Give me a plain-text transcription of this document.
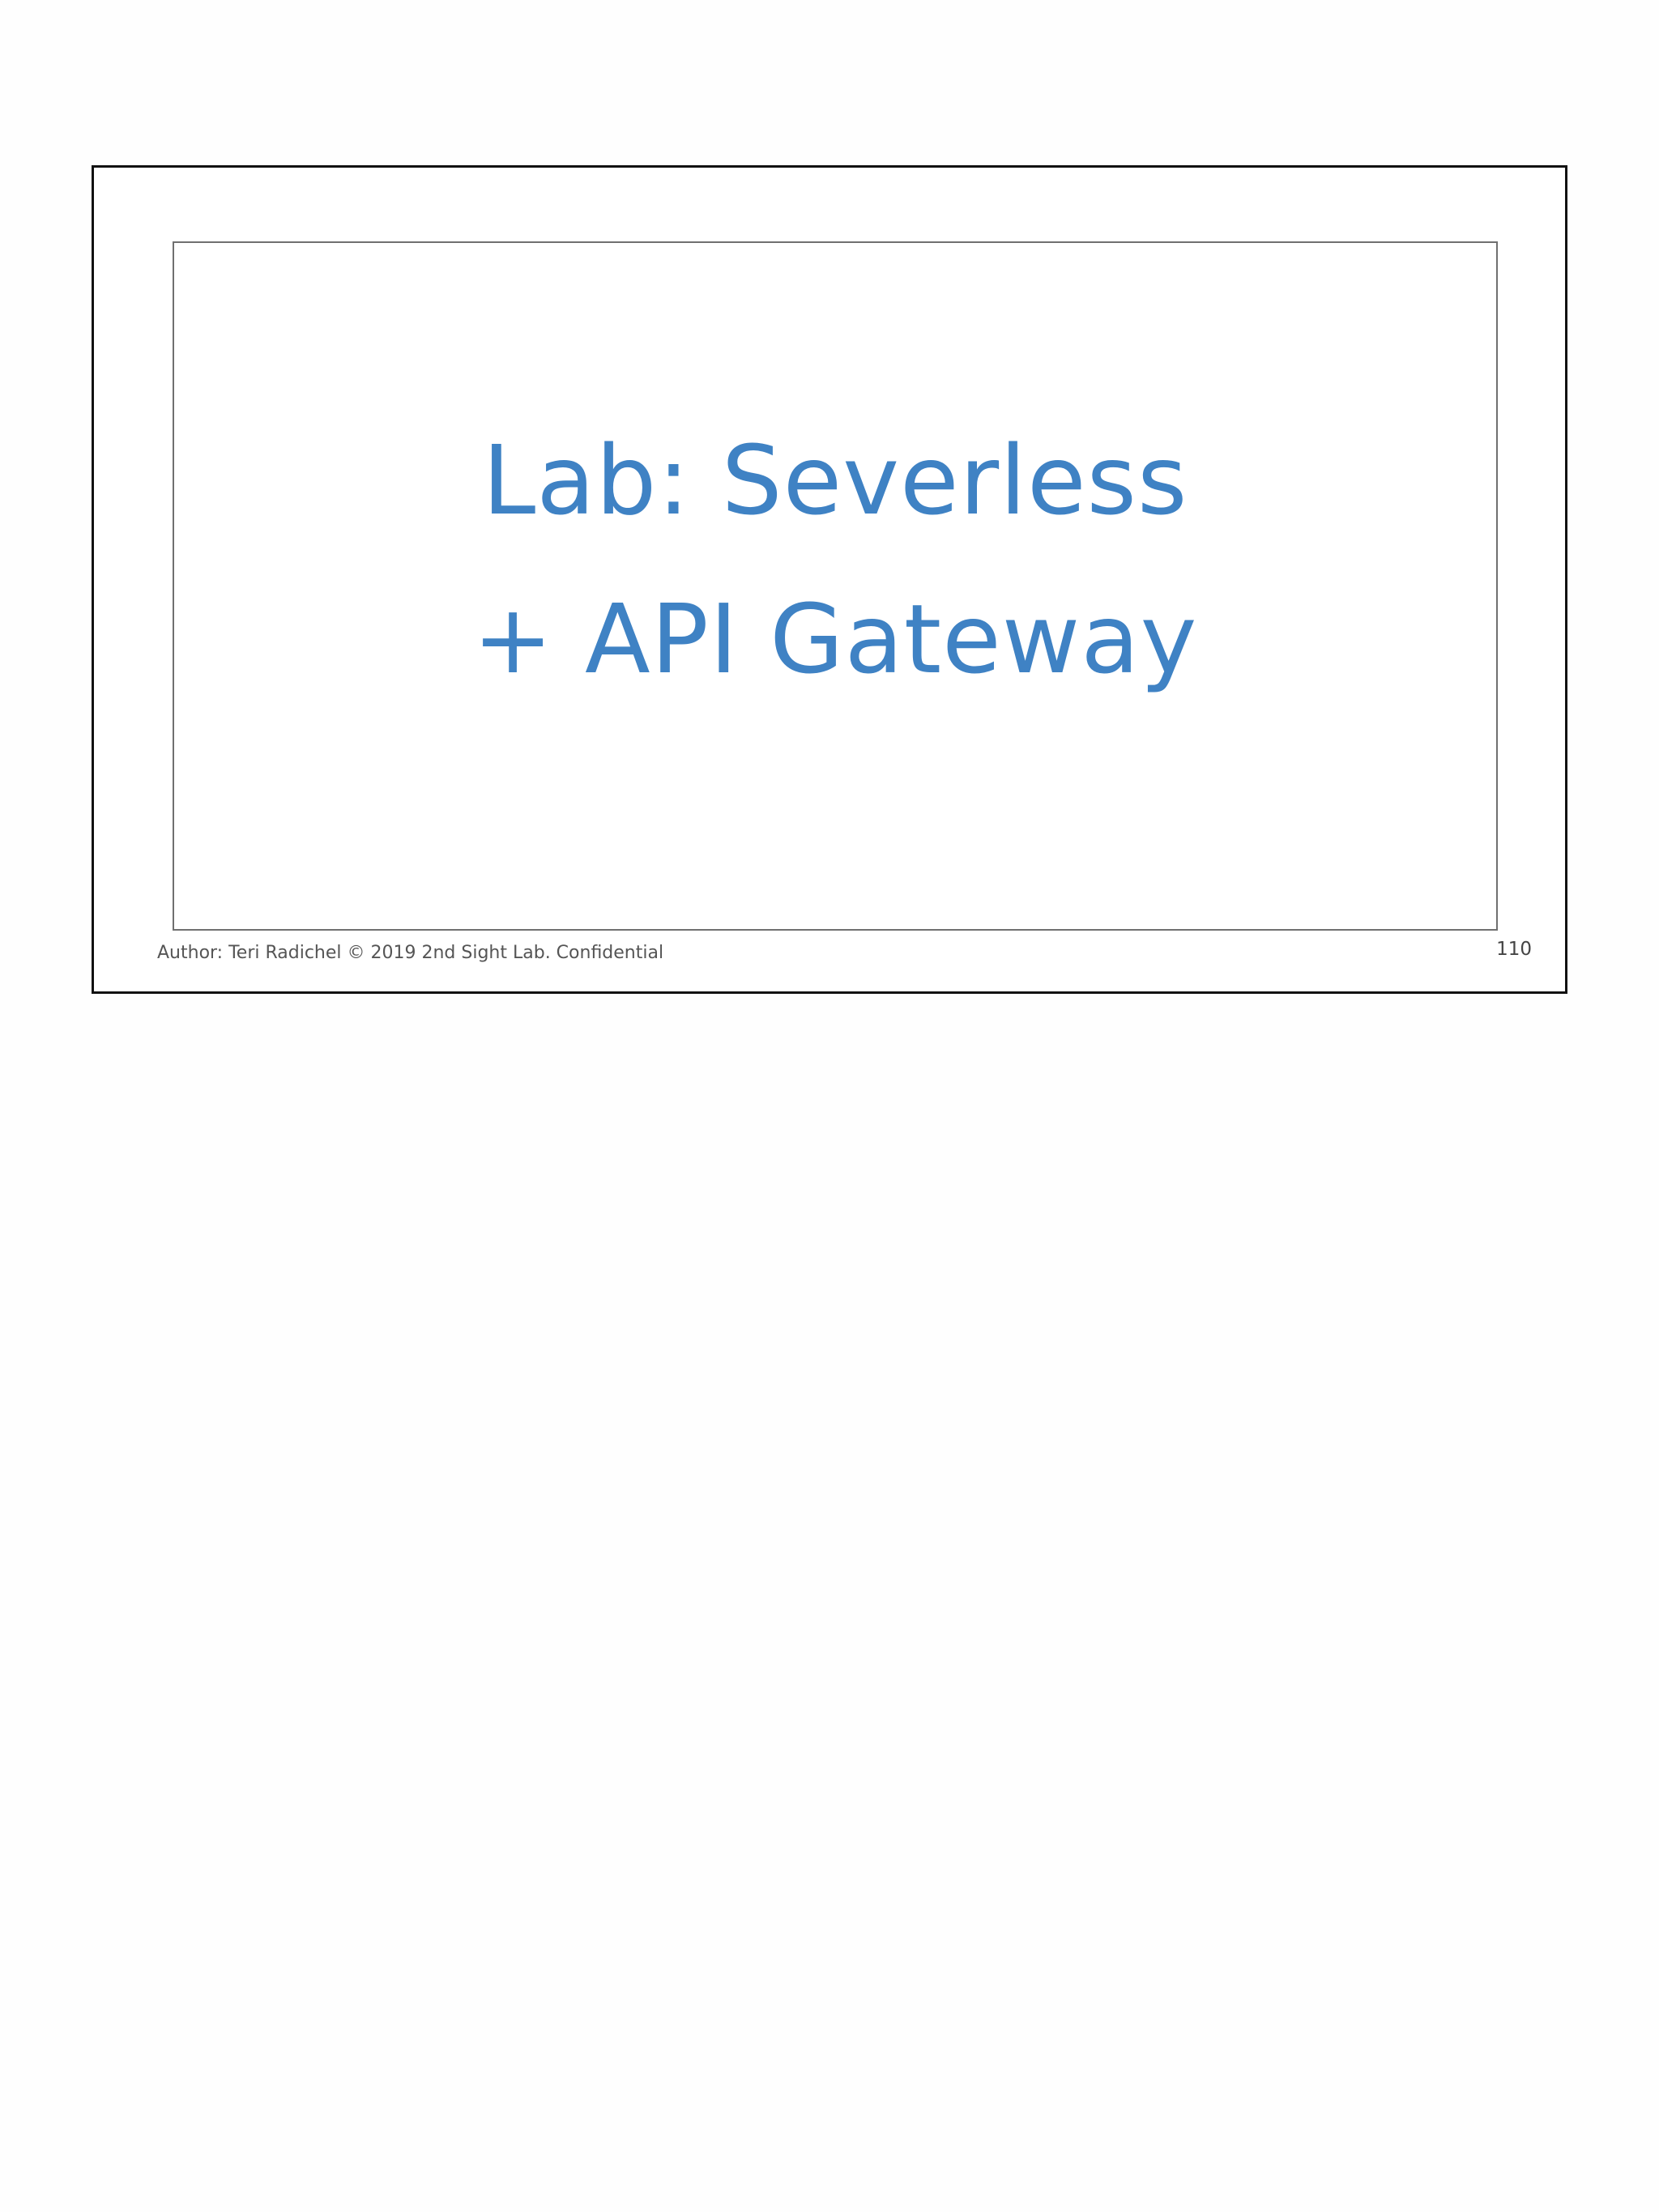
Lab: Severless
+ API Gateway
Author: Teri Radichel © 2019 2nd Sight Lab. Confidential	110
